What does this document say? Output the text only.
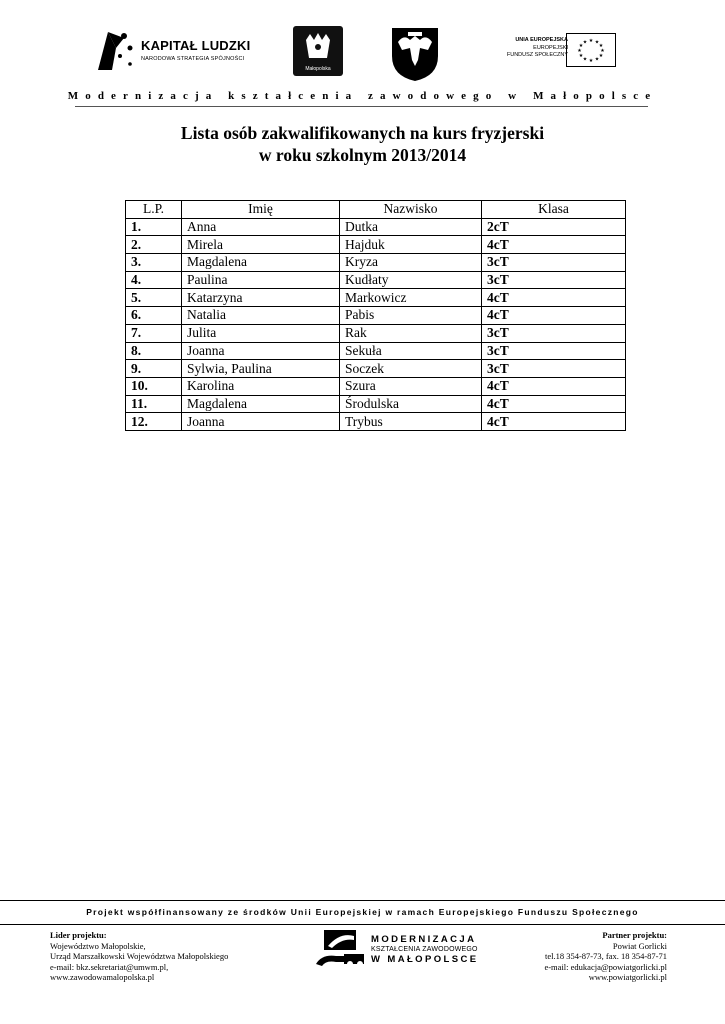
KAPITAŁ LUDZKI
NARODOWA STRATEGIA SPÓJNOŚCI
Małopolska
UNIA EUROPEJSKA
EUROPEJSKI
FUNDUSZ SPOŁECZNY
★ ★
★
★
★
★
★
★
★
★
★
★
Modernizacja kształcenia zawodowego w Małopolsce
Lista osób zakwalifikowanych na kurs fryzjerski
w roku szkolnym 2013/2014
L.P.	Imię	Nazwisko	Klasa
1.	Anna	Dutka	2cT
2.	Mirela	Hajduk	4cT
3.	Magdalena	Kryza	3cT
4.	Paulina	Kudłaty	3cT
5.	Katarzyna	Markowicz	4cT
6.	Natalia	Pabis	4cT
7.	Julita	Rak	3cT
8.	Joanna	Sekuła	3cT
9.	Sylwia, Paulina	Soczek	3cT
10.	Karolina	Szura	4cT
11.	Magdalena	Środulska	4cT
12.	Joanna	Trybus	4cT
Projekt współfinansowany ze środków Unii Europejskiej w ramach Europejskiego Funduszu Społecznego
Lider projektu:
Województwo Małopolskie,
Urząd Marszałkowski Województwa Małopolskiego
e-mail: bkz.sekretariat@umwm.pl,
www.zawodowamalopolska.pl
MODERNIZACJA
KSZTAŁCENIA ZAWODOWEGO
W MAŁOPOLSCE
Partner projektu:
Powiat Gorlicki
tel.18 354-87-73, fax. 18 354-87-71
e-mail: edukacja@powiatgorlicki.pl
www.powiatgorlicki.pl
